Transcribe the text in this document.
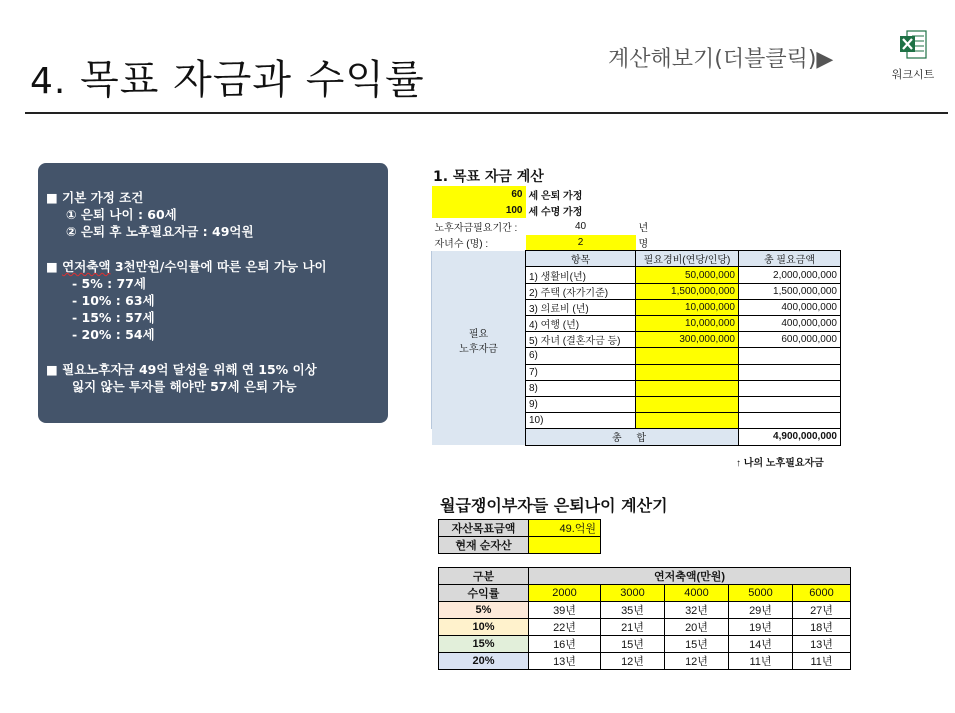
4. 목표 자금과 수익률	계산해보기(더블클릭)▶
워크시트
■ 기본 가정 조건
① 은퇴 나이 : 60세
② 은퇴 후 노후필요자금 : 49억원
■ 연저축액 3천만원/수익률에 따른 은퇴 가능 나이
- 5% : 77세
- 10% : 63세
- 15% : 57세
- 20% : 54세
■ 필요노후자금 49억 달성을 위해 연 15% 이상
잃지 않는 투자를 해야만 57세 은퇴 가능
1. 목표 자금 계산
60	세 은퇴 가정		
100	세 수명 가정		
노후자금필요기간 :	40	년	
자녀수 (명) :	2	명	

필요
노후자금	항목	필요경비(연당/인당)	총 필요금액
	1) 생활비(년)	50,000,000	2,000,000,000
	2) 주택 (자가기준)	1,500,000,000	1,500,000,000
	3) 의료비 (년)	10,000,000	400,000,000
	4) 여행 (년)	10,000,000	400,000,000
	5) 자녀 (결혼자금 등)	300,000,000	600,000,000
	6)		
	7)		
	8)		
	9)		
	10)		
	총 합		4,900,000,000
↑ 나의 노후필요자금
월급쟁이부자들 은퇴나이 계산기
자산목표금액	49.억원
현재 순자산	
구분	연저축액(만원)				
수익률	2000	3000	4000	5000	6000
5%	39년	35년	32년	29년	27년
10%	22년	21년	20년	19년	18년
15%	16년	15년	15년	14년	13년
20%	13년	12년	12년	11년	11년
